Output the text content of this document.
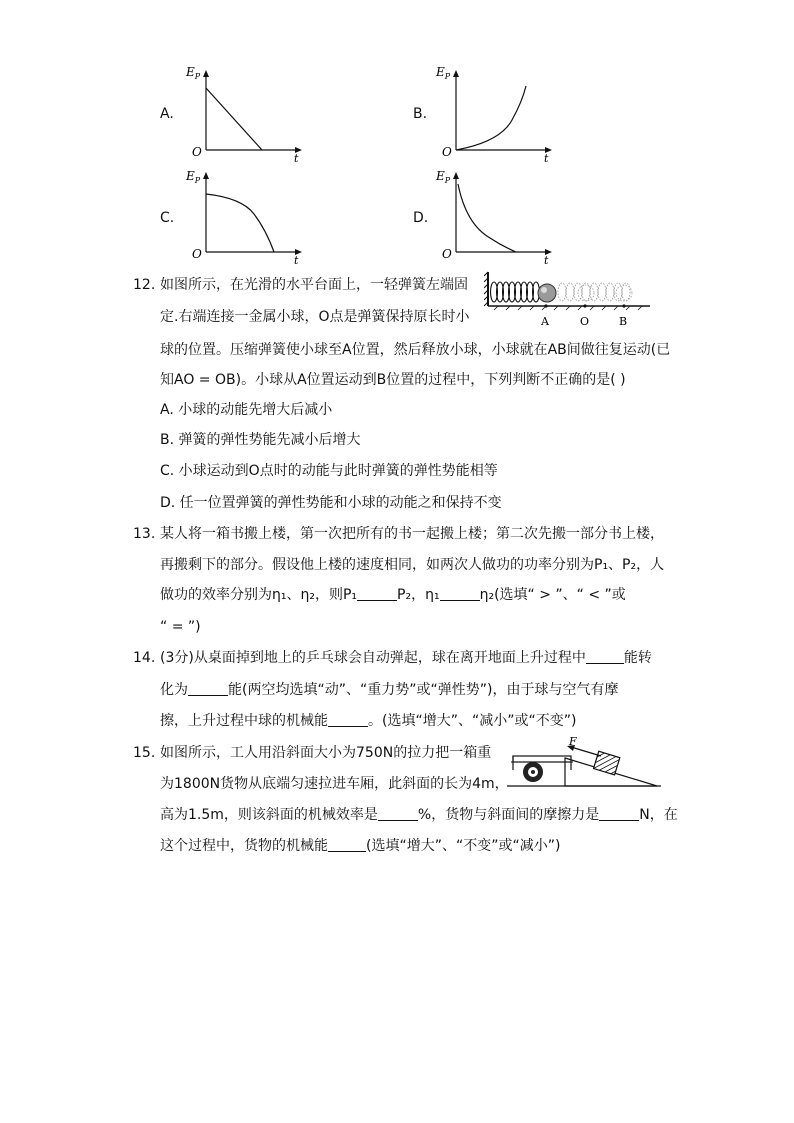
A.
$E_P$
O	t
B.
$E_P$
O	t
C.
$E_P$
O	t
D.
$E_P$
O	t
12. 如图所示，在光滑的水平台面上，一轻弹簧左端固
定.右端连接一金属小球，O点是弹簧保持原长时小
球的位置。压缩弹簧使小球至A位置，然后释放小球，小球就在AB间做往复运动(已
知AO = OB)。小球从A位置运动到B位置的过程中，下列判断不正确的是( )
A	O	B
A. 小球的动能先增大后减小
B. 弹簧的弹性势能先减小后增大
C. 小球运动到O点时的动能与此时弹簧的弹性势能相等
D. 任一位置弹簧的弹性势能和小球的动能之和保持不变
13. 某人将一箱书搬上楼，第一次把所有的书一起搬上楼；第二次先搬一部分书上楼，
再搬剩下的部分。假设他上楼的速度相同，如两次人做功的功率分别为P₁、P₂，人
做功的效率分别为η₁、η₂，则P₁	P₂，η₁	η₂(选填“ > ”、“ < ”或
“ = ”)
14. (3分)从桌面掉到地上的乒乓球会自动弹起，球在离开地面上升过程中	能转
化为	能(两空均选填“动”、“重力势”或“弹性势”)，由于球与空气有摩
擦，上升过程中球的机械能	。(选填“增大”、“减小”或“不变”)
15. 如图所示，工人用沿斜面大小为750N的拉力把一箱重
为1800N货物从底端匀速拉进车厢，此斜面的长为4m，
高为1.5m，则该斜面的机械效率是	%，货物与斜面间的摩擦力是	N，在
这个过程中，货物的机械能	(选填“增大”、“不变”或“减小”)
F
